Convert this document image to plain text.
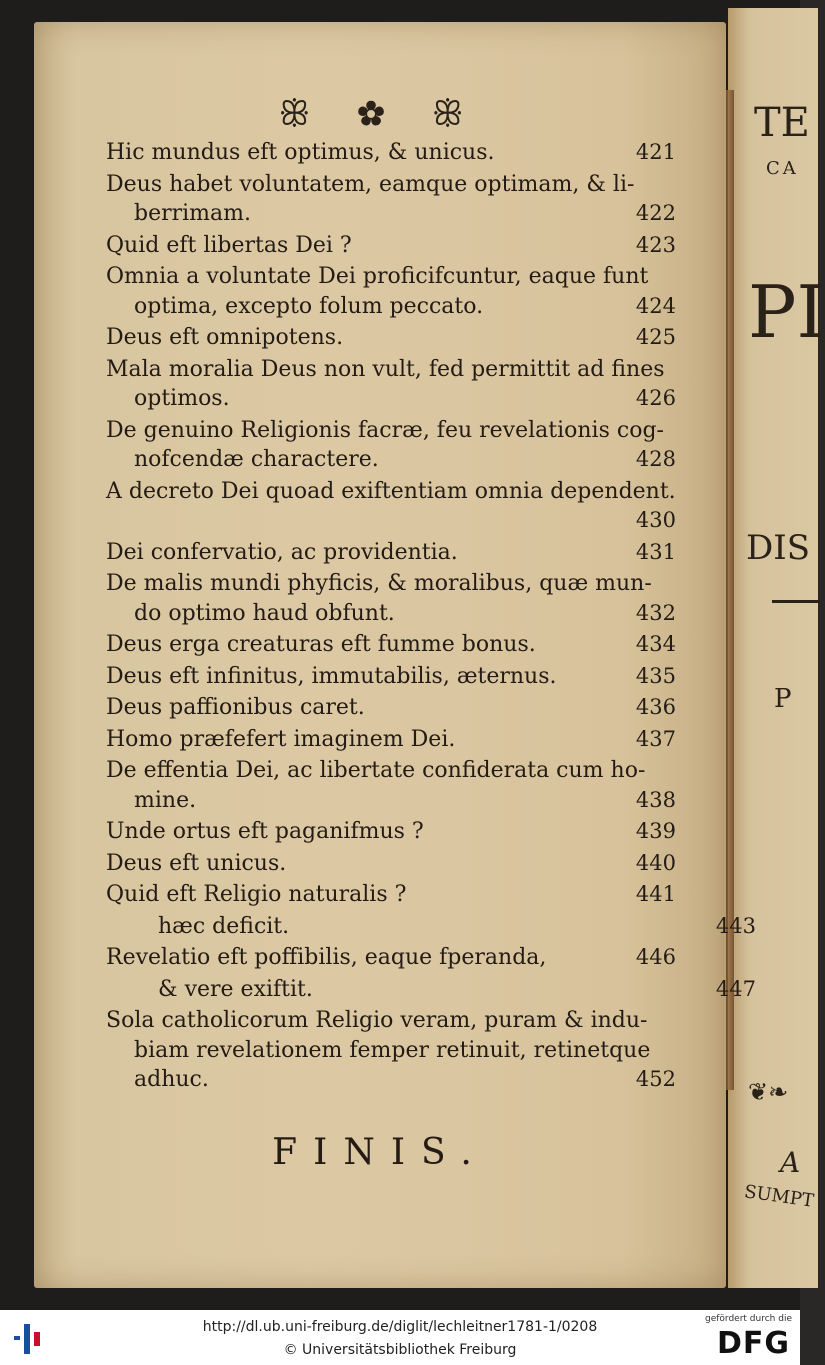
TE
CA
PI
DIS
P
❦❧
A
SUMPT
ꕥ ✿ ꕥ
Hic mundus eft optimus, & unicus.	421
Deus habet voluntatem, eamque optimam, & li-
berrimam.	422
Quid eft libertas Dei ?	423
Omnia a voluntate Dei proficifcuntur, eaque funt
optima, excepto folum peccato.	424
Deus eft omnipotens.	425
Mala moralia Deus non vult, fed permittit ad fines
optimos.	426
De genuino Religionis facræ, feu revelationis cog-
nofcendæ charactere.	428
A decreto Dei quoad exiftentiam omnia dependent.
430
Dei confervatio, ac providentia.	431
De malis mundi phyficis, & moralibus, quæ mun-
do optimo haud obfunt.	432
Deus erga creaturas eft fumme bonus.	434
Deus eft infinitus, immutabilis, æternus.	435
Deus paffionibus caret.	436
Homo præfefert imaginem Dei.	437
De effentia Dei, ac libertate confiderata cum ho-
mine.	438
Unde ortus eft paganifmus ?	439
Deus eft unicus.	440
Quid eft Religio naturalis ?	441
hæc deficit.	443
Revelatio eft poffibilis, eaque fperanda,	446
& vere exiftit.	447
Sola catholicorum Religio veram, puram & indu-
biam revelationem femper retinuit, retinetque
adhuc.	452
FINIS.
http://dl.ub.uni-freiburg.de/diglit/lechleitner1781-1/0208
© Universitätsbibliothek Freiburg
gefördert durch die
DFG
